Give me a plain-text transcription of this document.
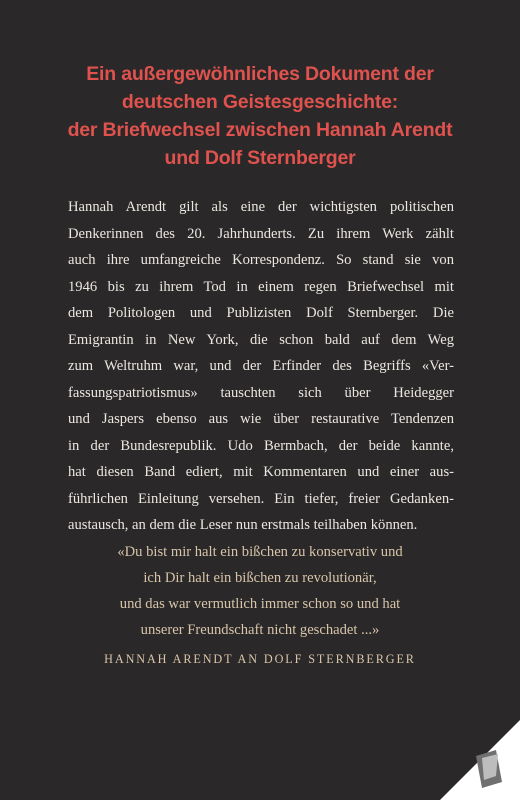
Ein außergewöhnliches Dokument der
deutschen Geistesgeschichte:
der Briefwechsel zwischen Hannah Arendt
und Dolf Sternberger
Hannah Arendt gilt als eine der wichtigsten politischen
Denkerinnen des 20. Jahrhunderts. Zu ihrem Werk zählt
auch ihre umfangreiche Korrespondenz. So stand sie von
1946 bis zu ihrem Tod in einem regen Briefwechsel mit
dem Politologen und Publizisten Dolf Sternberger. Die
Emigrantin in New York, die schon bald auf dem Weg
zum Weltruhm war, und der Erfinder des Begriffs «Ver-
fassungspatriotismus» tauschten sich über Heidegger
und Jaspers ebenso aus wie über restaurative Tendenzen
in der Bundesrepublik. Udo Bermbach, der beide kannte,
hat diesen Band ediert, mit Kommentaren und einer aus-
führlichen Einleitung versehen. Ein tiefer, freier Gedanken-
austausch, an dem die Leser nun erstmals teilhaben können.
«Du bist mir halt ein bißchen zu konservativ und
ich Dir halt ein bißchen zu revolutionär,
und das war vermutlich immer schon so und hat
unserer Freundschaft nicht geschadet ...»
HANNAH ARENDT AN DOLF STERNBERGER
